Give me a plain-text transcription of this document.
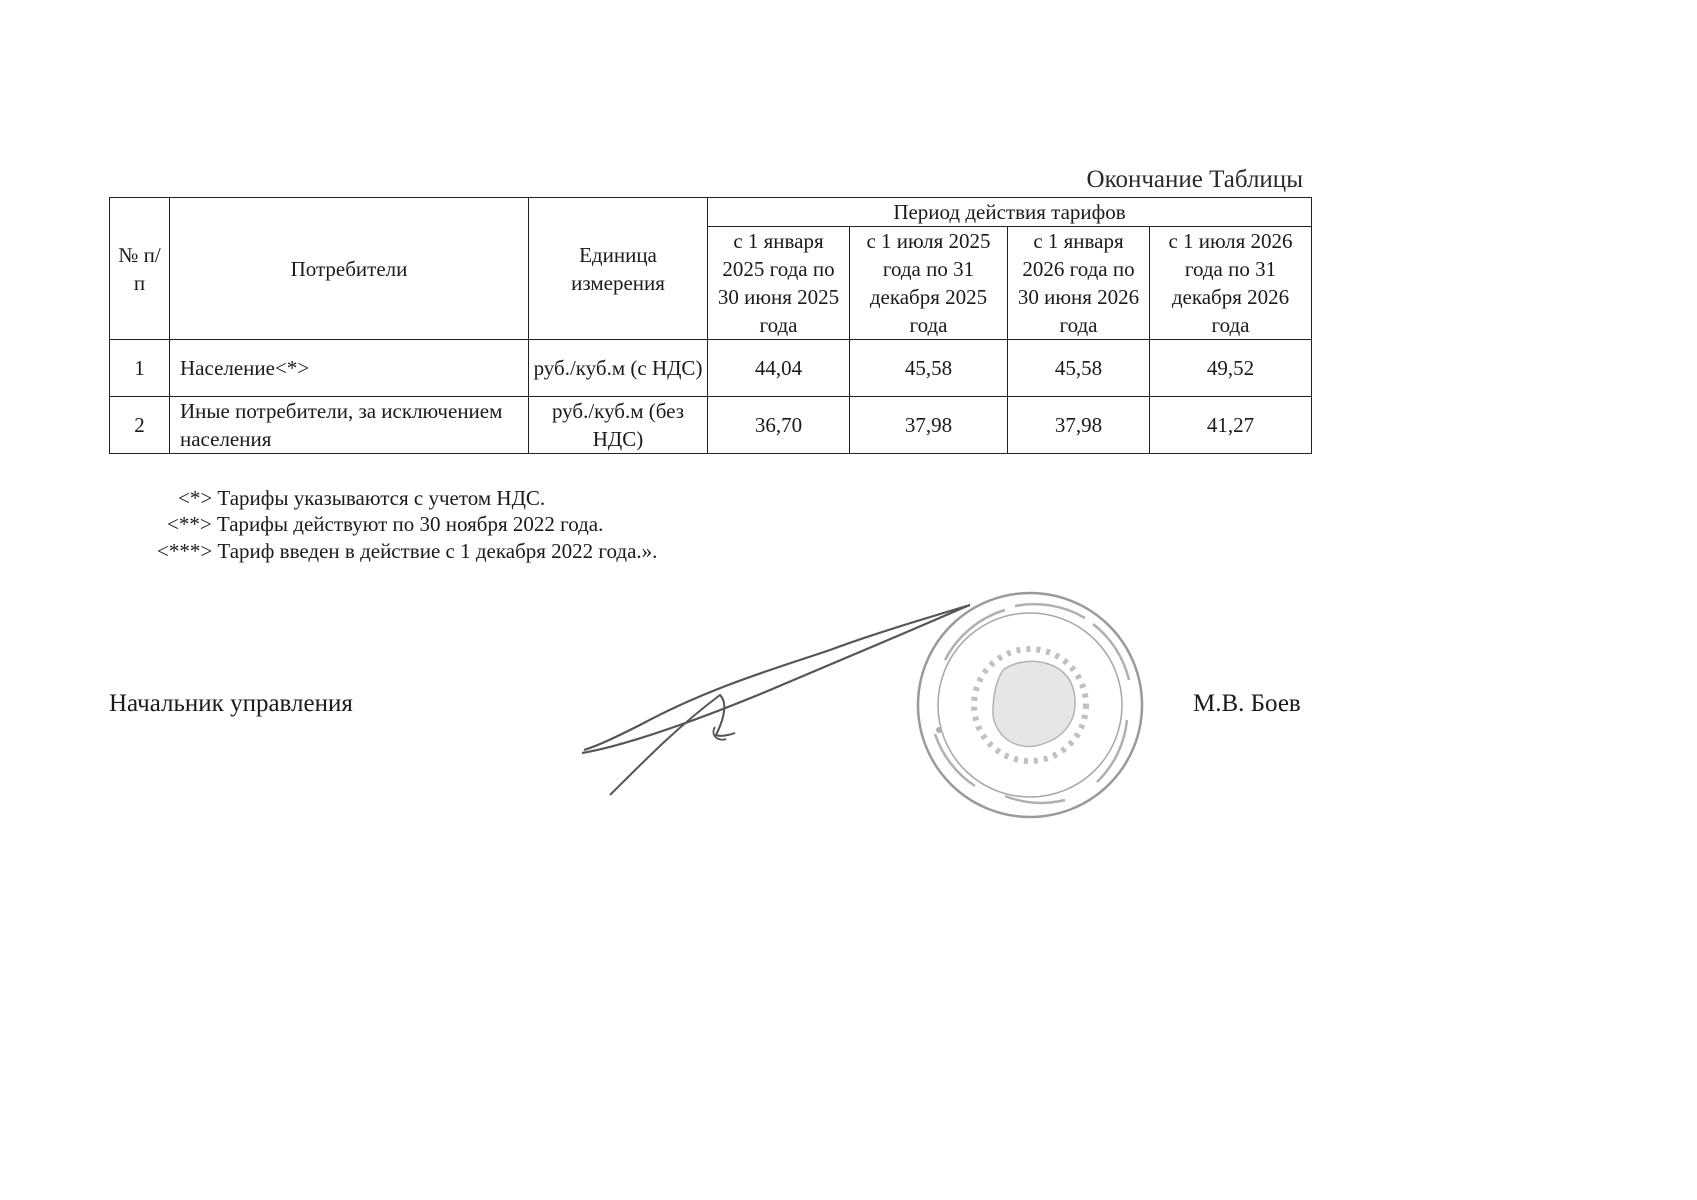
Окончание Таблицы
№ п/п	Потребители	Единица измерения	Период действия тарифов			
			с 1 января 2025 года по 30 июня 2025 года	с 1 июля 2025 года по 31 декабря 2025 года	с 1 января 2026 года по 30 июня 2026 года	с 1 июля 2026 года по 31 декабря 2026 года
1	Население<*>	руб./куб.м (с НДС)	44,04	45,58	45,58	49,52
2	Иные потребители, за исключением населения	руб./куб.м (без НДС)	36,70	37,98	37,98	41,27
<*> Тарифы указываются с учетом НДС.
<**> Тарифы действуют по 30 ноября 2022 года.
<***> Тариф введен в действие с 1 декабря 2022 года.».
Начальник управления	М.В. Боев
